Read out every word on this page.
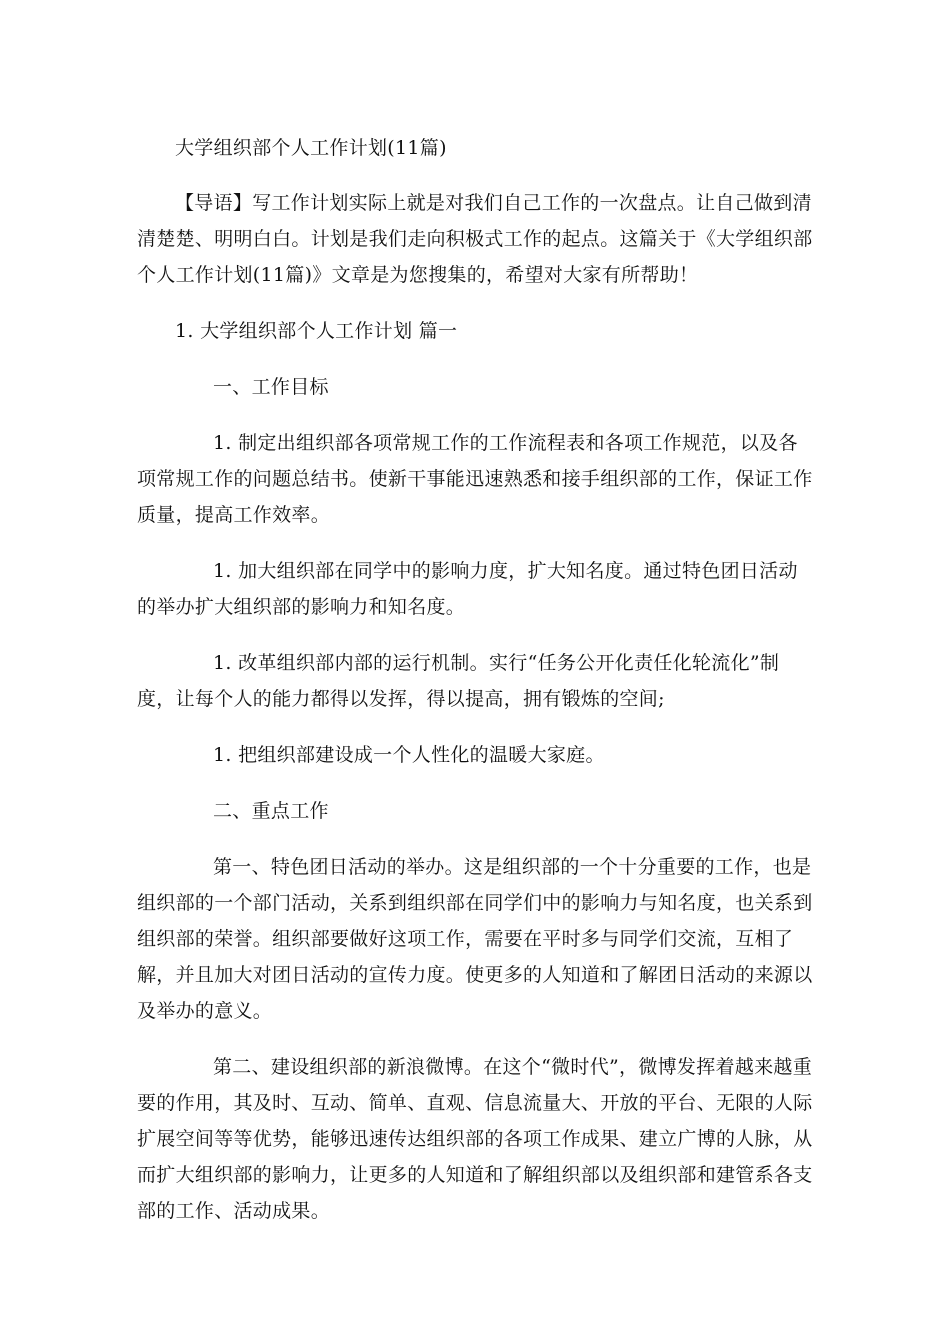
大学组织部个人工作计划(11篇)

【导语】写工作计划实际上就是对我们自己工作的一次盘点。让自己做到清清楚楚、明明白白。计划是我们走向积极式工作的起点。这篇关于《大学组织部个人工作计划(11篇)》文章是为您搜集的，希望对大家有所帮助！

1. 大学组织部个人工作计划 篇一

一、工作目标

1. 制定出组织部各项常规工作的工作流程表和各项工作规范，以及各项常规工作的问题总结书。使新干事能迅速熟悉和接手组织部的工作，保证工作质量，提高工作效率。

1. 加大组织部在同学中的影响力度，扩大知名度。通过特色团日活动的举办扩大组织部的影响力和知名度。

1. 改革组织部内部的运行机制。实行“任务公开化责任化轮流化”制度，让每个人的能力都得以发挥，得以提高，拥有锻炼的空间;

1. 把组织部建设成一个人性化的温暖大家庭。

二、重点工作

第一、特色团日活动的举办。这是组织部的一个十分重要的工作，也是组织部的一个部门活动，关系到组织部在同学们中的影响力与知名度，也关系到组织部的荣誉。组织部要做好这项工作，需要在平时多与同学们交流，互相了解，并且加大对团日活动的宣传力度。使更多的人知道和了解团日活动的来源以及举办的意义。

第二、建设组织部的新浪微博。在这个“微时代”，微博发挥着越来越重要的作用，其及时、互动、简单、直观、信息流量大、开放的平台、无限的人际扩展空间等等优势，能够迅速传达组织部的各项工作成果、建立广博的人脉，从而扩大组织部的影响力，让更多的人知道和了解组织部以及组织部和建管系各支部的工作、活动成果。
